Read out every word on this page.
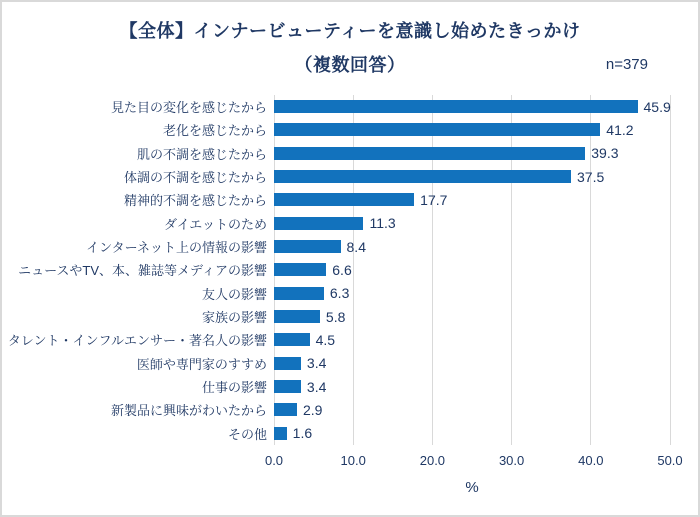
【全体】インナービューティーを意識し始めたきっかけ
（複数回答）	n=379
見た目の変化を感じたから
老化を感じたから
肌の不調を感じたから
体調の不調を感じたから
精神的不調を感じたから
ダイエットのため
インターネット上の情報の影響
ニュースやTV、本、雑誌等メディアの影響
友人の影響
家族の影響
タレント・インフルエンサー・著名人の影響
医師や専門家のすすめ
仕事の影響
新製品に興味がわいたから
その他
45.9
41.2
39.3
37.5
17.7
11.3
8.4
6.6
6.3
5.8
4.5
3.4
3.4
2.9
1.6
0.0	10.0	20.0	30.0	40.0	50.0
%
